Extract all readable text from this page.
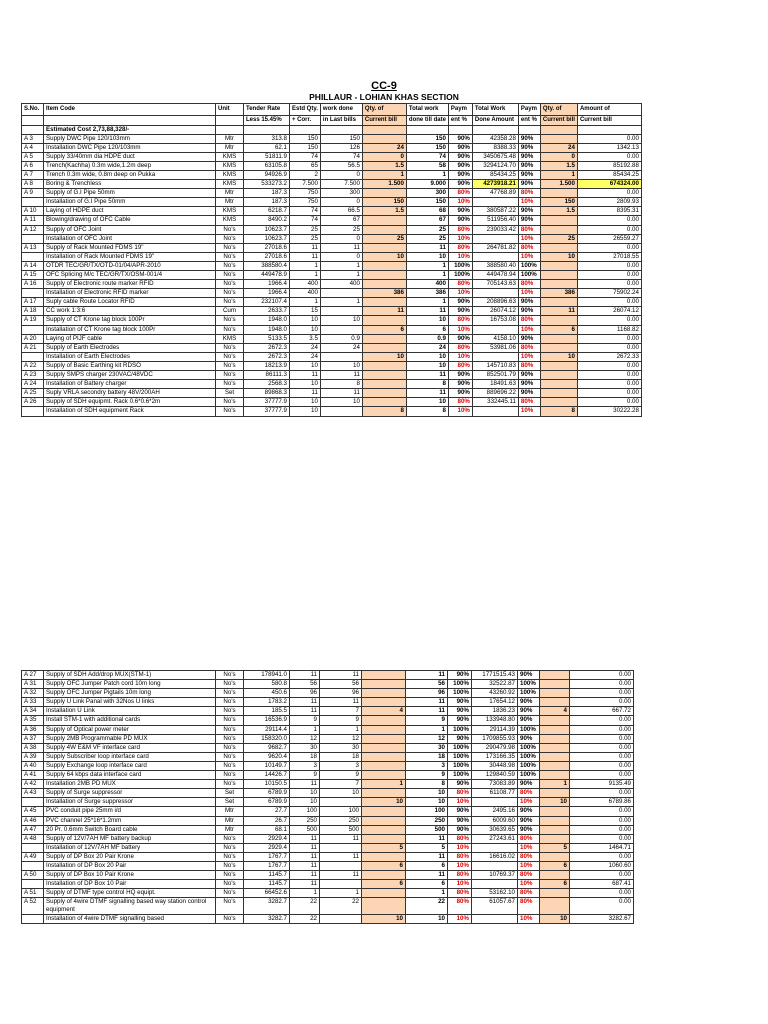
CC-9
PHILLAUR - LOHIAN KHAS SECTION
S.No.	Item Code	Unit	Tender Rate	Estd Qty.	work done	Qty. of	Total work	Paym	Total Work	Paym	Qty. of	Amount of
			Less 15.45%	+ Corr.	in Last bills	Current bill	done till date	ent %	Done Amount	ent %	Current bill	Current bill
	Estimated Cost 2,73,88,328/-											
A 3	Supply DWC Pipe 120/103mm	Mtr	313.8	150	150		150	90%	42358.28	90%		0.00
A 4	Installation DWC Pipe 120/103mm	Mtr	62.1	150	126	24	150	90%	8388.33	90%	24	1342.13
A 5	Supply 33/40mm dia HDPE duct	KMS	51811.9	74	74	0	74	90%	3450675.48	90%	0	0.00
A 6	Trench(Kachha) 0.3m wide,1.2m deep	KMS	63105.8	65	56.5	1.5	58	90%	3294124.70	90%	1.5	85192.88
A 7	Trench 0.3m wide, 0.8m deep on Pukka	KMS	94926.9	2	0	1	1	90%	85434.25	90%	1	85434.25
A 8	Boring & Trenchless	KMS	533273.2	7.500	7.500	1.500	9.000	90%	4273918.21	90%	1.500	674324.00
A 9	Supply of G.I Pipe 50mm	Mtr	187.3	750	300		300	80%	47768.89	80%		0.00
	Installation of G.I Pipe 50mm	Mtr	187.3	750	0	150	150	10%		10%	150	2809.93
A 10	Laying of HDPE duct	KMS	6218.7	74	66.5	1.5	68	90%	380587.22	90%	1.5	8395.31
A 11	Blowing/drawing of OFC Cable	KMS	8490.2	74	67		67	90%	511956.40	90%		0.00
A 12	Supply of OFC Joint	No's	10623.7	25	25		25	80%	239033.42	80%		0.00
	Installation of OFC Joint	No's	10623.7	25	0	25	25	10%		10%	25	26559.27
A 13	Supply of Rack Mounted FDMS 19"	No's	27018.6	11	11		11	80%	264781.82	80%		0.00
	Installation of Rack Mounted FDMS 19"	No's	27018.6	11	0	10	10	10%		10%	10	27018.55
A 14	OTDR TEC/GR/TX/OTD-01/04/APR-2010	No's	388580.4	1	1		1	100%	388580.40	100%		0.00
A 15	OFC Splicing M/c TEC/GR/TX/OSM-001/4	No's	449478.9	1	1		1	100%	449478.94	100%		0.00
A 16	Supply of Electronic route marker RFID	No's	1966.4	400	400		400	80%	705143.63	80%		0.00
	Installation of Electronic RFID marker	No's	1966.4	400		386	386	10%		10%	386	75902.24
A 17	Suply cable Route Locator RFID	No's	232107.4	1	1		1	90%	208896.63	90%		0.00
A 18	CC work 1:3:6	Cum	2633.7	15		11	11	90%	26074.12	90%	11	26074.12
A 19	Supply of CT Krone tag block 100Pr	No's	1948.0	10	10		10	80%	16753.08	80%		0.00
	Installation of CT Krone tag block 100Pr	No's	1948.0	10		6	6	10%		10%	6	1168.82
A 20	Laying of PIJF cable	KMS	5133.5	3.5	0.9		0.9	90%	4158.10	90%		0.00
A 21	Supply of Earth Electrodes	No's	2672.3	24	24		24	80%	53981.06	80%		0.00
	Installation of Earth Electrodes	No's	2672.3	24		10	10	10%		10%	10	2672.33
A 22	Supply of Basic Earthing kit RDSO	No's	18213.9	10	10		10	80%	145710.83	80%		0.00
A 23	Supply SMPS charger 230VAC/48VDC	No's	86111.3	11	11		11	90%	852501.79	90%		0.00
A 24	Installation of Battery charger	No's	2568.3	10	8		8	90%	18491.63	90%		0.00
A 25	Suply VRLA secondry battery 48V/200AH	Set	89868.3	11	11		11	90%	889696.22	90%		0.00
A 26	Supply of SDH equipmt. Rack 0.6*0.6*2m	No's	37777.9	10	10		10	80%	332445.11	80%		0.00
	Installation of SDH equipment Rack	No's	37777.9	10		8	8	10%		10%	8	30222.28
A 27	Supply of SDH Add/drop MUX(STM-1)	No's	178941.0	11	11		11	90%	1771515.43	90%		0.00
A 31	Supply OFC Jumper Patch cord 10m long	No's	580.8	56	56		56	100%	32522.87	100%		0.00
A 32	Supply OFC Jumper Pigtails 10m long	No's	450.6	96	96		96	100%	43260.92	100%		0.00
A 33	Supply U Link Panal with 32Nos U links	No's	1783.2	11	11		11	90%	17654.12	90%		0.00
A 34	Installation U Link	No's	185.5	11	7	4	11	90%	1836.23	90%	4	667.72
A 35	Install STM-1 with additional cards	No's	16536.9	9	9		9	90%	133948.80	90%		0.00
A 36	Supply of Optical power meter	No's	29114.4	1	1		1	100%	29114.39	100%		0.00
A 37	Supply 2MB Programmable PD MUX	No's	158320.0	12	12		12	90%	1709855.93	90%		0.00
A 38	Supply 4W E&M VF interface card	No's	9682.7	30	30		30	100%	290479.98	100%		0.00
A 39	Supply Subscriber loop interface card	No's	9620.4	18	18		18	100%	173166.35	100%		0.00
A 40	Supply Exchange loop interface card	No's	10149.7	3	3		3	100%	30448.98	100%		0.00
A 41	Supply 64 kbps data interface card	No's	14426.7	9	9		9	100%	129840.59	100%		0.00
A 42	Installation 2MB PD MUX	No's	10150.5	11	7	1	8	90%	73083.89	90%	1	9135.49
A 43	Supply of Surge suppressor	Set	6789.9	10	10		10	80%	61108.77	80%		0.00
	Installation of Surge suppressor	Set	6789.9	10		10	10	10%		10%	10	6789.86
A 45	PVC conduit pipe 25mm i/d	Mtr	27.7	100	100		100	90%	2495.16	90%		0.00
A 46	PVC channel 25*16*1.2mm	Mtr	26.7	250	250		250	90%	6009.60	90%		0.00
A 47	20 Pr. 0.6mm Switch Board cable	Mtr	68.1	500	500		500	90%	30639.65	90%		0.00
A 48	Supply of 12V/7AH MF battery backup	No's	2929.4	11	11		11	80%	27243.61	80%		0.00
	Installation of 12V/7AH MF battery	No's	2929.4	11		5	5	10%		10%	5	1464.71
A 49	Supply of DP Box 20 Pair Krone	No's	1767.7	11	11		11	80%	16616.02	80%		0.00
	Installation of DP Box 20 Pair	No's	1767.7	11		6	6	10%		10%	6	1060.60
A 50	Supply of DP Box 10 Pair Krone	No's	1145.7	11	11		11	80%	10769.37	80%		0.00
	Installation of DP Box 10 Pair	No's	1145.7	11		6	6	10%		10%	6	687.41
A 51	Supply of DTMF type control HQ equipt.	No's	66452.6	1	1		1	80%	53162.10	80%		0.00
A 52	Supply of 4wire DTMF signalling based way station control equipment	No's	3282.7	22	22		22	80%	61057.67	80%		0.00
	Installation of 4wire DTMF signalling based	No's	3282.7	22		10	10	10%		10%	10	3282.67
